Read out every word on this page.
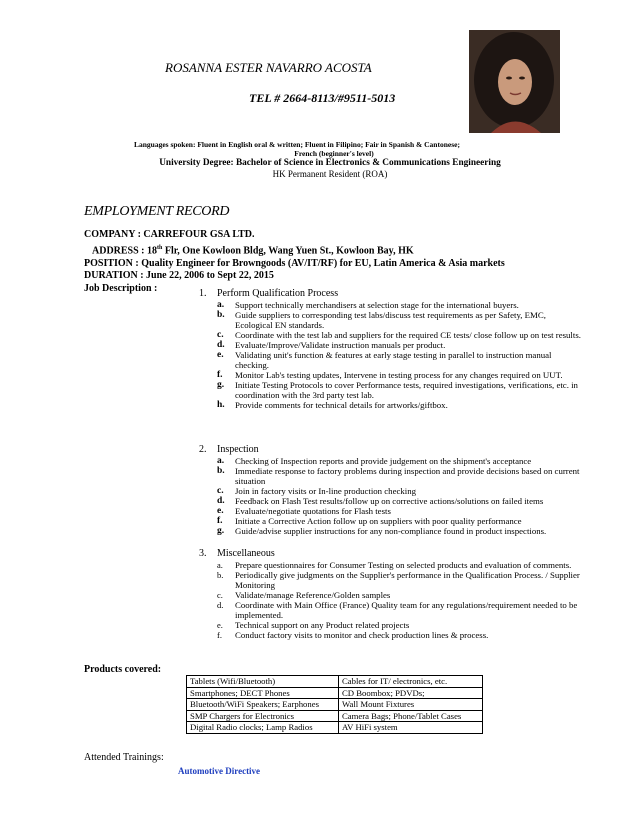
ROSANNA ESTER NAVARRO ACOSTA
TEL # 2664-8113/#9511-5013
Languages spoken: Fluent in English oral & written; Fluent in Filipino; Fair in Spanish & Cantonese;
French (beginner's level)
University Degree: Bachelor of Science in Electronics & Communications Engineering
HK Permanent Resident (ROA)
EMPLOYMENT RECORD
COMPANY : CARREFOUR GSA LTD.
ADDRESS : 18th Flr, One Kowloon Bldg, Wang Yuen St., Kowloon Bay, HK
POSITION : Quality Engineer for Browngoods (AV/IT/RF) for EU, Latin America & Asia markets
DURATION : June 22, 2006 to Sept 22, 2015
Job Description :	1. Perform Qualification Process
a. Support technically merchandisers at selection stage for the international buyers.
b. Guide suppliers to corresponding test labs/discuss test requirements as per Safety, EMC, Ecological EN standards.
c. Coordinate with the test lab and suppliers for the required CE tests/ close follow up on test results.
d. Evaluate/Improve/Validate instruction manuals per product.
e. Validating unit's function & features at early stage testing in parallel to instruction manual checking.
f. Monitor Lab's testing updates, Intervene in testing process for any changes required on UUT.
g. Initiate Testing Protocols to cover Performance tests, required investigations, verifications, etc. in coordination with the 3rd party test lab.
h. Provide comments for technical details for artworks/giftbox.
2. Inspection
a. Checking of Inspection reports and provide judgement on the shipment's acceptance
b. Immediate response to factory problems during inspection and provide decisions based on current situation
c. Join in factory visits or In-line production checking
d. Feedback on Flash Test results/follow up on corrective actions/solutions on failed items
e. Evaluate/negotiate quotations for Flash tests
f. Initiate a Corrective Action follow up on suppliers with poor quality performance
g. Guide/advise supplier instructions for any non-compliance found in product inspections.
3. Miscellaneous
a. Prepare questionnaires for Consumer Testing on selected products and evaluation of comments.
b. Periodically give judgments on the Supplier's performance in the Qualification Process. / Supplier Monitoring
c. Validate/manage Reference/Golden samples
d. Coordinate with Main Office (France) Quality team for any regulations/requirement needed to be implemented.
e. Technical support on any Product related projects
f. Conduct factory visits to monitor and check production lines & process.
Products covered:
Tablets (Wifi/Bluetooth)	Cables for IT/ electronics, etc.
Smartphones; DECT Phones	CD Boombox; PDVDs;
Bluetooth/WiFi Speakers; Earphones	Wall Mount Fixtures
SMP Chargers for Electronics	Camera Bags; Phone/Tablet Cases
Digital Radio clocks; Lamp Radios	AV HiFi system
Attended Trainings:
Automotive Directive
